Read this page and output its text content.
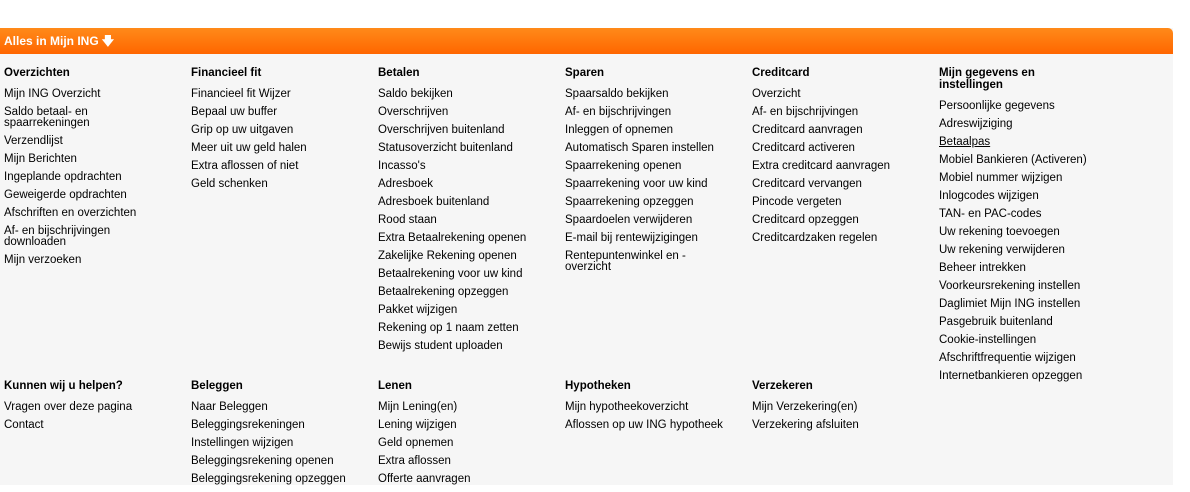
Alles in Mijn ING 🡇
Overzichten
Mijn ING Overzicht
Saldo betaal- en spaarrekeningen
Verzendlijst
Mijn Berichten
Ingeplande opdrachten
Geweigerde opdrachten
Afschriften en overzichten
Af- en bijschrijvingen downloaden
Mijn verzoeken
Financieel fit
Financieel fit Wijzer
Bepaal uw buffer
Grip op uw uitgaven
Meer uit uw geld halen
Extra aflossen of niet
Geld schenken
Betalen
Saldo bekijken
Overschrijven
Overschrijven buitenland
Statusoverzicht buitenland
Incasso's
Adresboek
Adresboek buitenland
Rood staan
Extra Betaalrekening openen
Zakelijke Rekening openen
Betaalrekening voor uw kind
Betaalrekening opzeggen
Pakket wijzigen
Rekening op 1 naam zetten
Bewijs student uploaden
Sparen
Spaarsaldo bekijken
Af- en bijschrijvingen
Inleggen of opnemen
Automatisch Sparen instellen
Spaarrekening openen
Spaarrekening voor uw kind
Spaarrekening opzeggen
Spaardoelen verwijderen
E-mail bij rentewijzigingen
Rentepuntenwinkel en - overzicht
Creditcard
Overzicht
Af- en bijschrijvingen
Creditcard aanvragen
Creditcard activeren
Extra creditcard aanvragen
Creditcard vervangen
Pincode vergeten
Creditcard opzeggen
Creditcardzaken regelen
Mijn gegevens en instellingen
Persoonlijke gegevens
Adreswijziging
Betaalpas
Mobiel Bankieren (Activeren)
Mobiel nummer wijzigen
Inlogcodes wijzigen
TAN- en PAC-codes
Uw rekening toevoegen
Uw rekening verwijderen
Beheer intrekken
Voorkeursrekening instellen
Daglimiet Mijn ING instellen
Pasgebruik buitenland
Cookie-instellingen
Afschriftfrequentie wijzigen
Internetbankieren opzeggen
Kunnen wij u helpen?
Vragen over deze pagina
Contact
Beleggen
Naar Beleggen
Beleggingsrekeningen
Instellingen wijzigen
Beleggingsrekening openen
Beleggingsrekening opzeggen
Lenen
Mijn Lening(en)
Lening wijzigen
Geld opnemen
Extra aflossen
Offerte aanvragen
Hypotheken
Mijn hypotheekoverzicht
Aflossen op uw ING hypotheek
Verzekeren
Mijn Verzekering(en)
Verzekering afsluiten
